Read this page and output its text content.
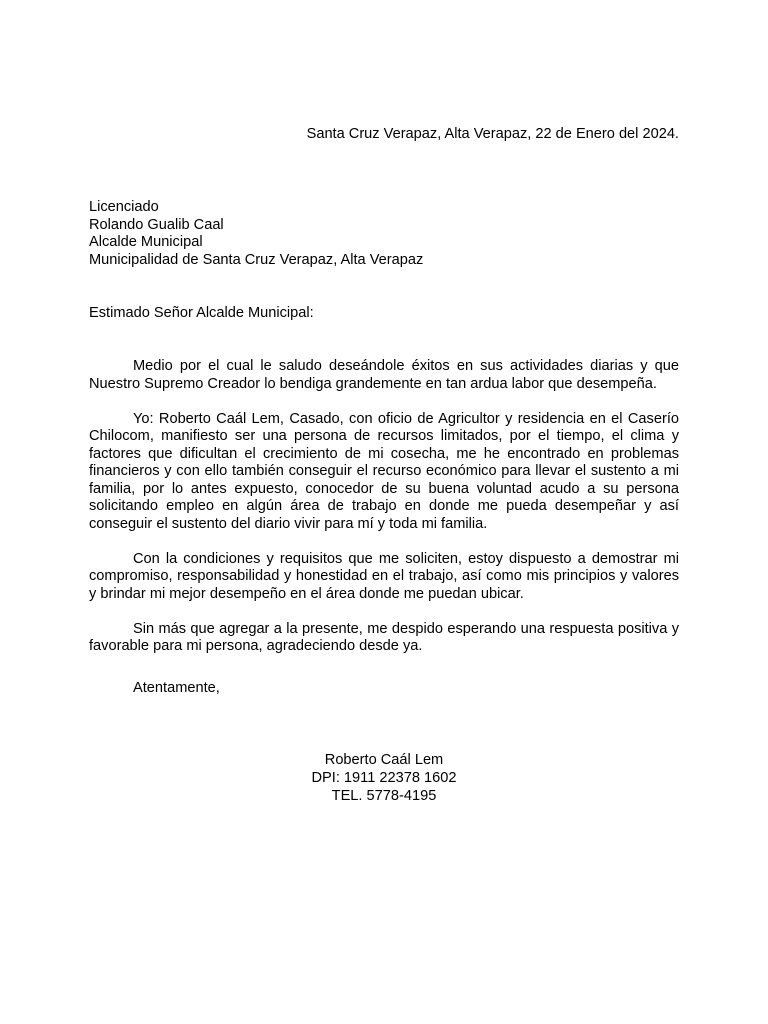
Santa Cruz Verapaz, Alta Verapaz, 22 de Enero del 2024.
Licenciado
Rolando Gualib Caal
Alcalde Municipal
Municipalidad de Santa Cruz Verapaz, Alta Verapaz
Estimado Señor Alcalde Municipal:

Medio por el cual le saludo deseándole éxitos en sus actividades diarias y que Nuestro Supremo Creador lo bendiga grandemente en tan ardua labor que desempeña.

Yo: Roberto Caál Lem, Casado, con oficio de Agricultor y residencia en el Caserío Chilocom, manifiesto ser una persona de recursos limitados, por el tiempo, el clima y factores que dificultan el crecimiento de mi cosecha, me he encontrado en problemas financieros y con ello también conseguir el recurso económico para llevar el sustento a mi familia, por lo antes expuesto, conocedor de su buena voluntad acudo a su persona solicitando empleo en algún área de trabajo en donde me pueda desempeñar y así conseguir el sustento del diario vivir para mí y toda mi familia.

Con la condiciones y requisitos que me soliciten, estoy dispuesto a demostrar mi compromiso, responsabilidad y honestidad en el trabajo, así como mis principios y valores y brindar mi mejor desempeño en el área donde me puedan ubicar.

Sin más que agregar a la presente, me despido esperando una respuesta positiva y favorable para mi persona, agradeciendo desde ya.

Atentamente,
Roberto Caál Lem
DPI: 1911 22378 1602
TEL. 5778-4195
